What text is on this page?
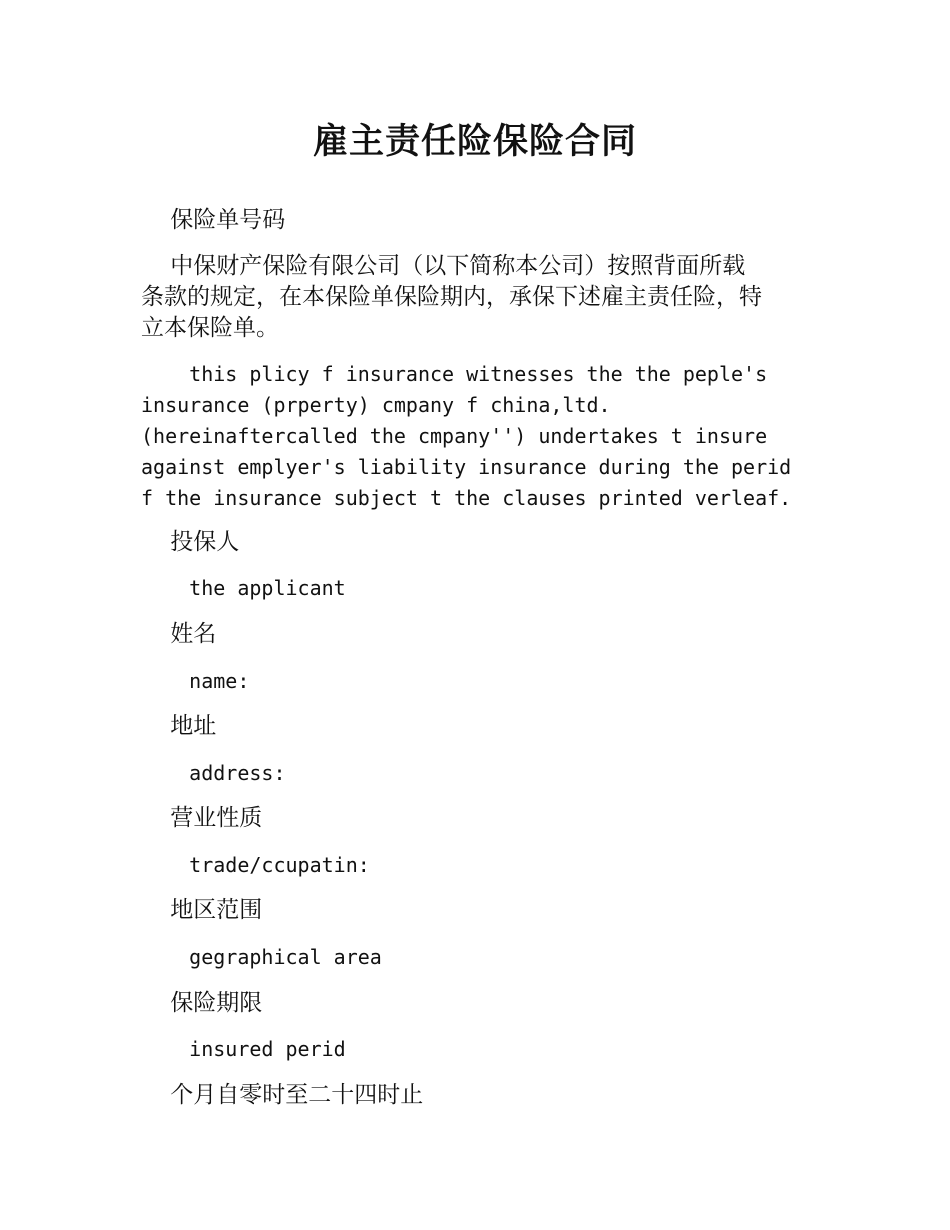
雇主责任险保险合同

保险单号码

中保财产保险有限公司（以下简称本公司）按照背面所载
条款的规定，在本保险单保险期内，承保下述雇主责任险，特
立本保险单。

this plicy f insurance witnesses the the peple's
insurance (prperty) cmpany f china,ltd.
(hereinaftercalled the cmpany'') undertakes t insure
against emplyer's liability insurance during the perid
f the insurance subject t the clauses printed verleaf.

投保人

the applicant

姓名

name:

地址

address:

营业性质

trade/ccupatin:

地区范围

gegraphical area

保险期限

insured perid

个月自零时至二十四时止
